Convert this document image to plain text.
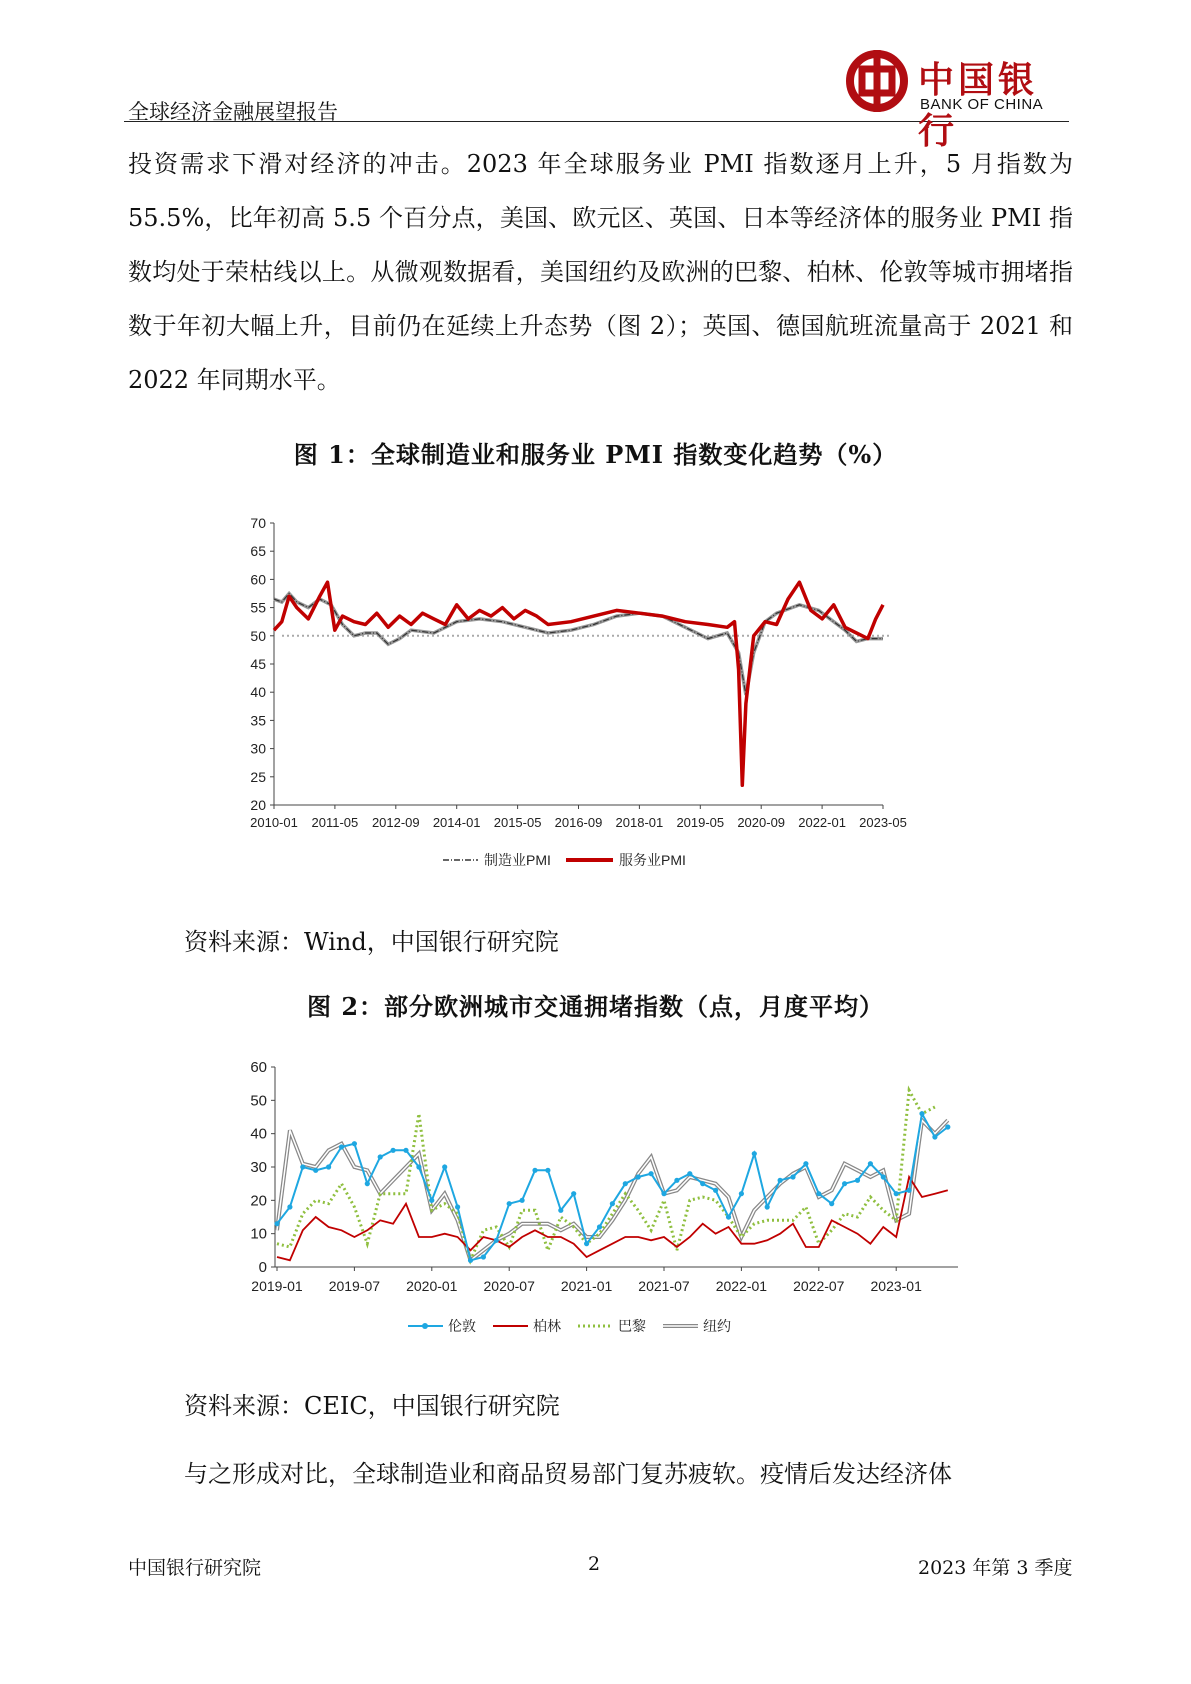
全球经济金融展望报告
中国银行
BANK OF CHINA

投资需求下滑对经济的冲击。2023 年全球服务业 PMI 指数逐月上升，5 月指数为 55.5%，比年初高 5.5 个百分点，美国、欧元区、英国、日本等经济体的服务业 PMI 指数均处于荣枯线以上。从微观数据看，美国纽约及欧洲的巴黎、柏林、伦敦等城市拥堵指数于年初大幅上升，目前仍在延续上升态势（图 2）；英国、德国航班流量高于 2021 和 2022 年同期水平。

图 1：全球制造业和服务业 PMI 指数变化趋势（%）
70
65
60
55
50
45
40
35
30
25
20
2010-01 2011-05 2012-09 2014-01 2015-05 2016-09 2018-01 2019-05 2020-09 2022-01 2023-05
制造业PMI	服务业PMI
资料来源：Wind，中国银行研究院
图 2：部分欧洲城市交通拥堵指数（点，月度平均）
60
50
40
30
20
10
0
2019-01 2019-07 2020-01 2020-07 2021-01 2021-07 2022-01 2022-07 2023-01
伦敦	柏林	巴黎	纽约
资料来源：CEIC，中国银行研究院

与之形成对比，全球制造业和商品贸易部门复苏疲软。疫情后发达经济体

中国银行研究院	2	2023 年第 3 季度
